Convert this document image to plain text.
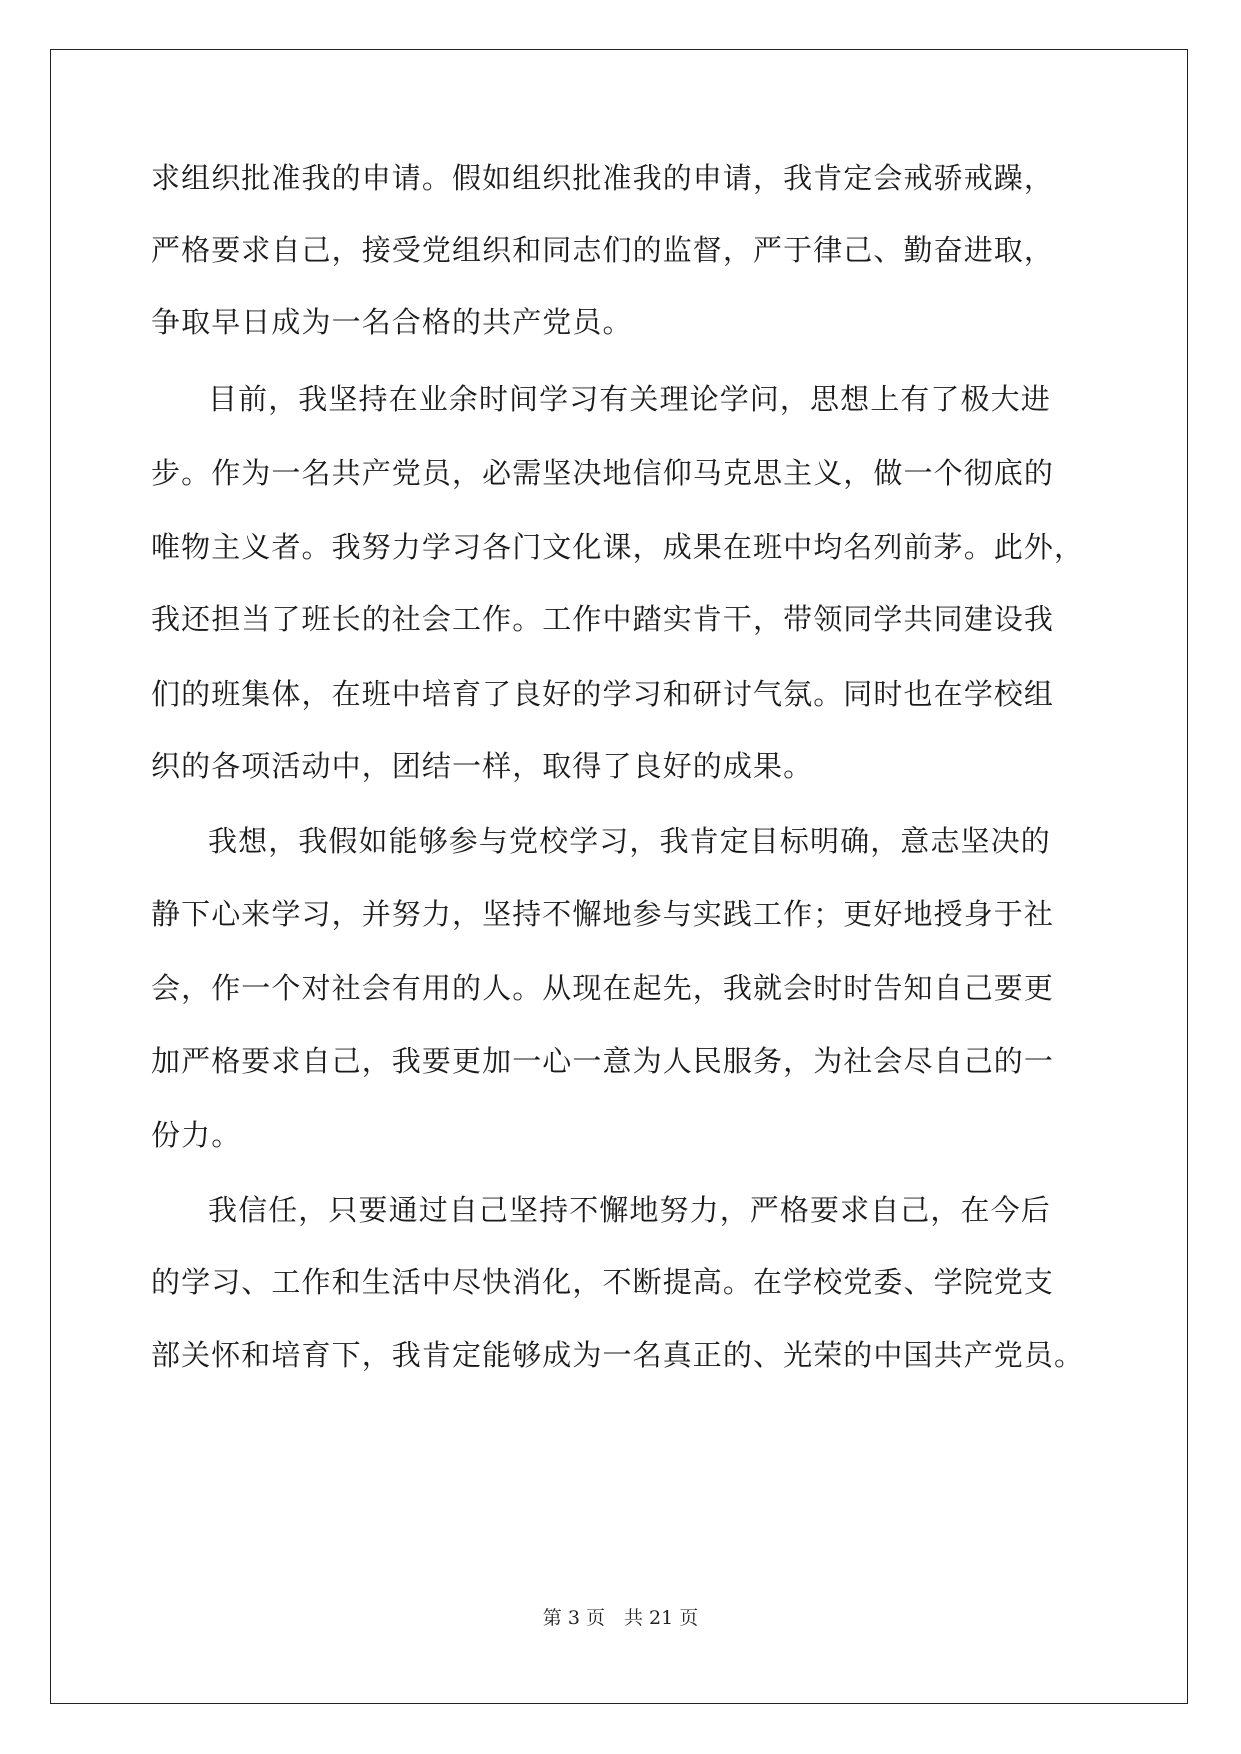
求组织批准我的申请。假如组织批准我的申请，我肯定会戒骄戒躁，
严格要求自己，接受党组织和同志们的监督，严于律己、勤奋进取，
争取早日成为一名合格的共产党员。
目前，我坚持在业余时间学习有关理论学问，思想上有了极大进
步。作为一名共产党员，必需坚决地信仰马克思主义，做一个彻底的
唯物主义者。我努力学习各门文化课，成果在班中均名列前茅。此外，
我还担当了班长的社会工作。工作中踏实肯干，带领同学共同建设我
们的班集体，在班中培育了良好的学习和研讨气氛。同时也在学校组
织的各项活动中，团结一样，取得了良好的成果。
我想，我假如能够参与党校学习，我肯定目标明确，意志坚决的
静下心来学习，并努力，坚持不懈地参与实践工作；更好地授身于社
会，作一个对社会有用的人。从现在起先，我就会时时告知自己要更
加严格要求自己，我要更加一心一意为人民服务，为社会尽自己的一
份力。
我信任，只要通过自己坚持不懈地努力，严格要求自己，在今后
的学习、工作和生活中尽快消化，不断提高。在学校党委、学院党支
部关怀和培育下，我肯定能够成为一名真正的、光荣的中国共产党员。
第 3 页　共 21 页
